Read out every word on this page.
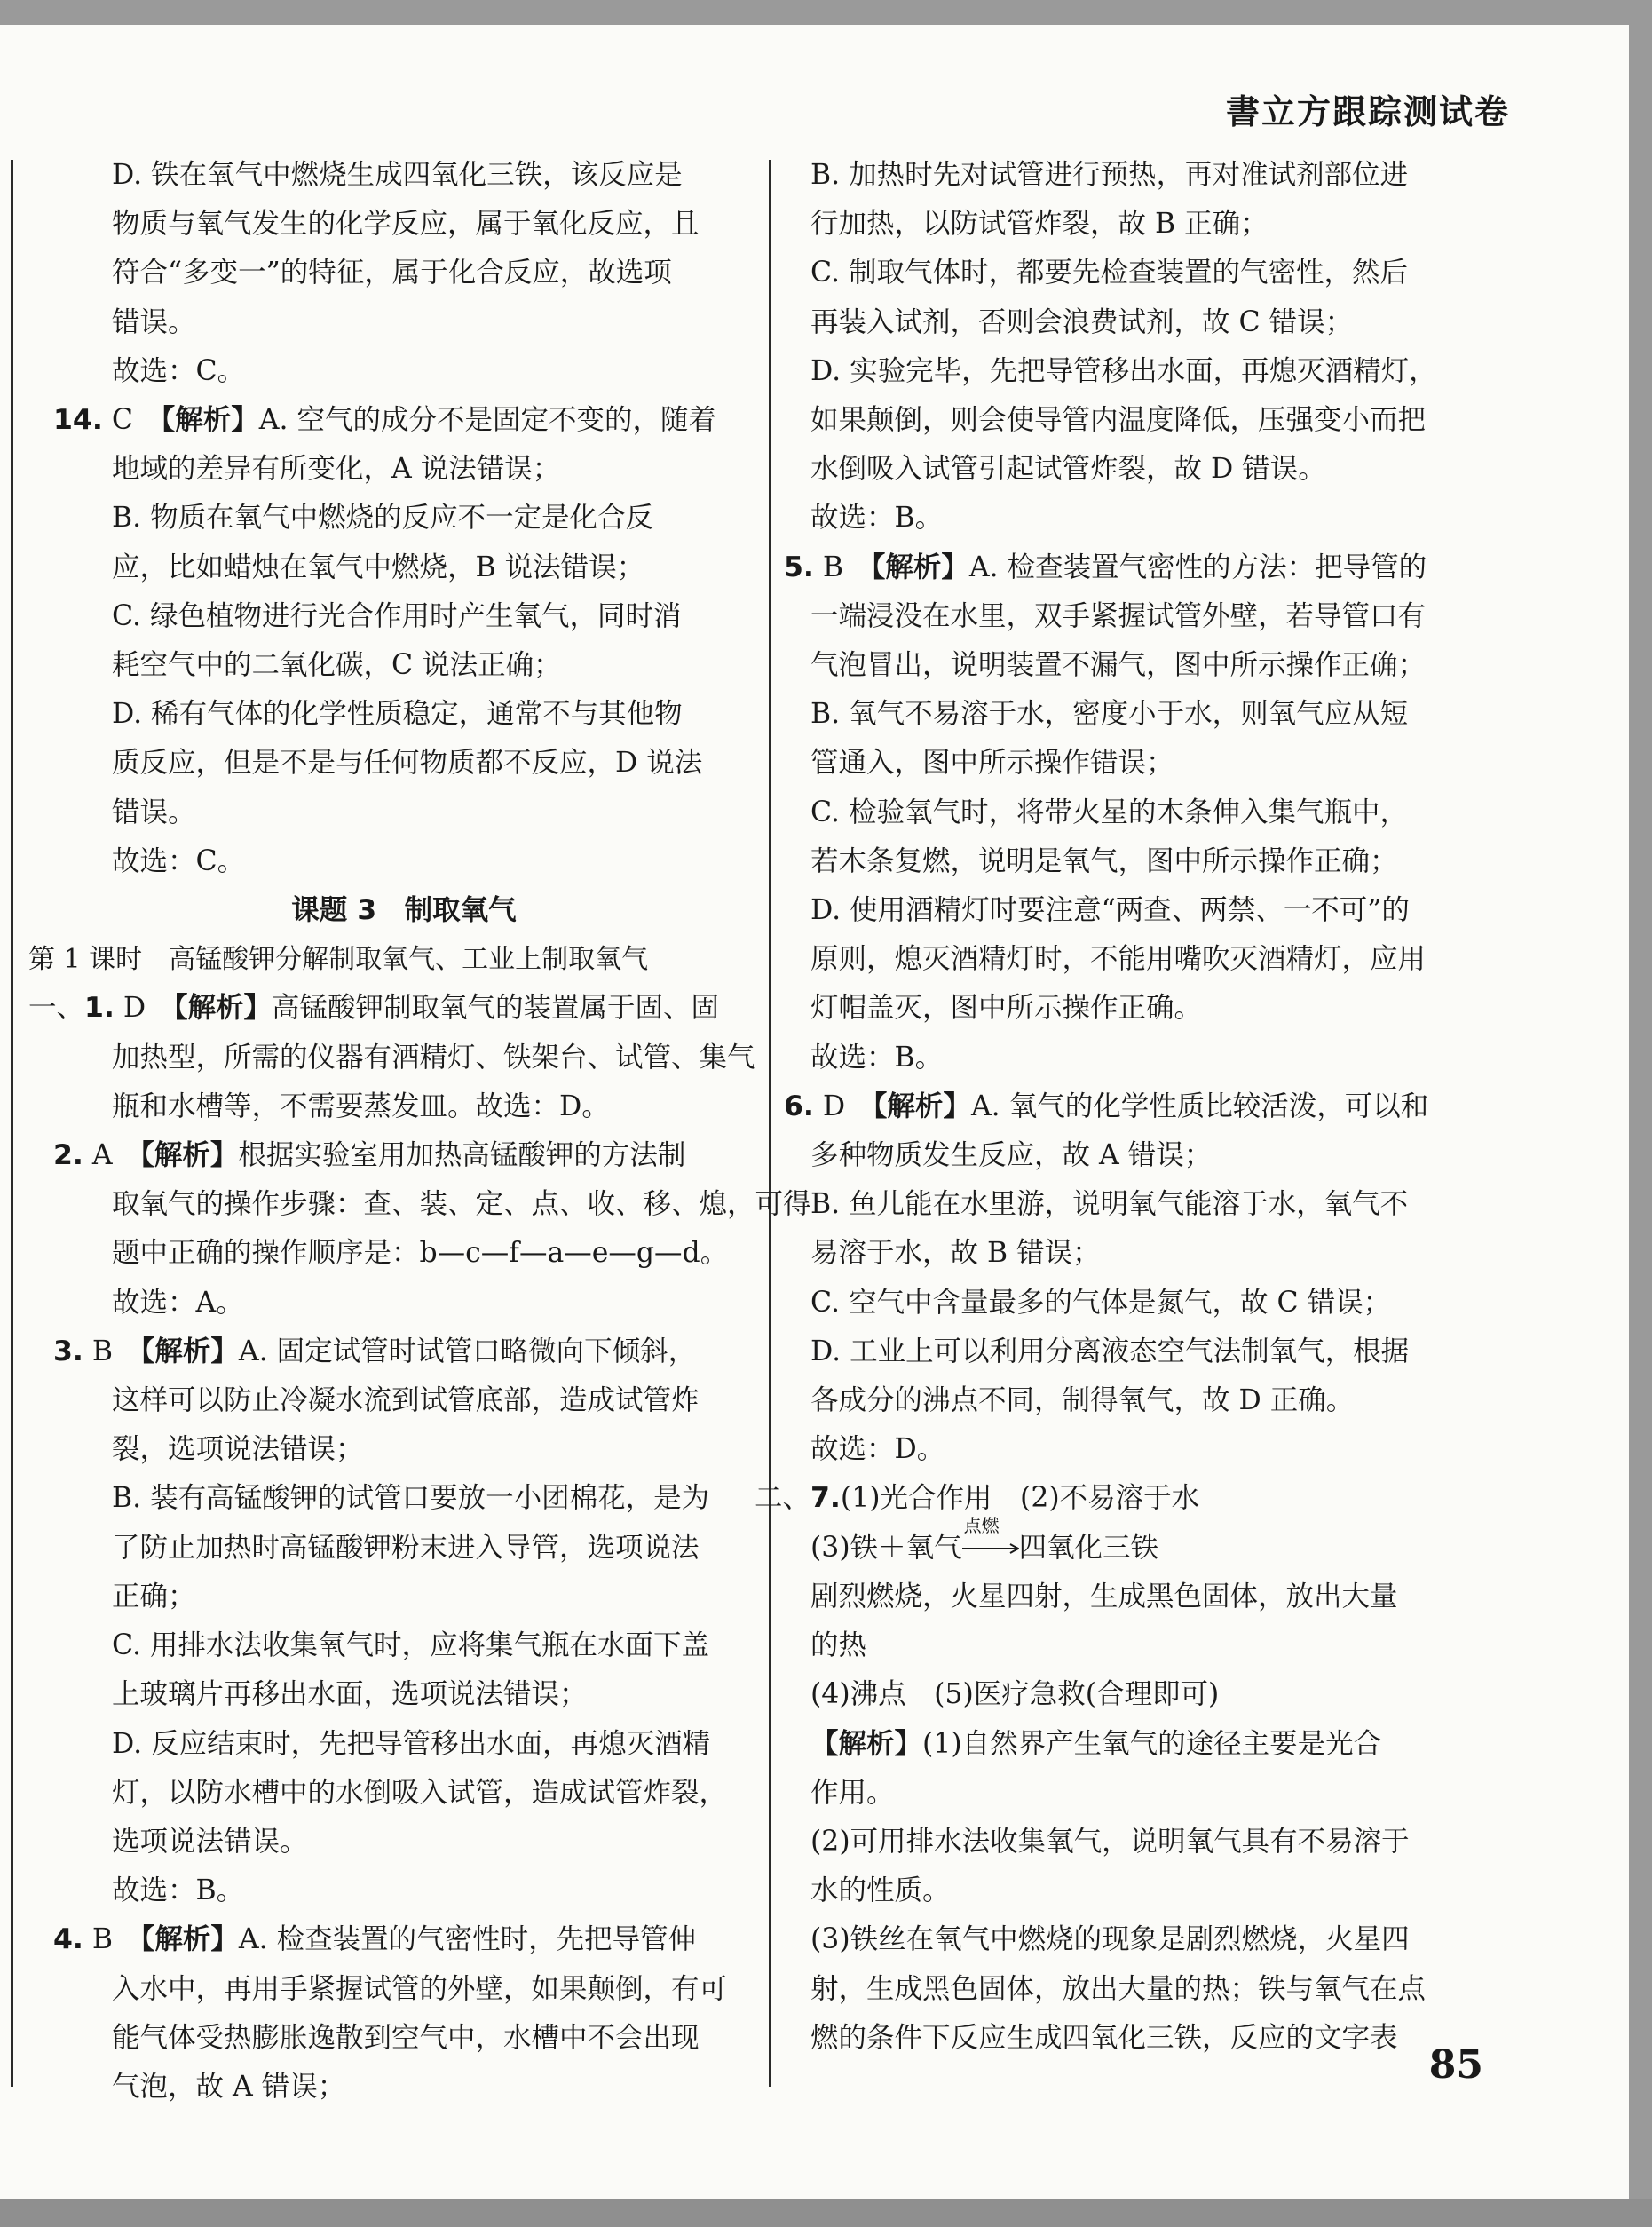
書立方跟踪测试卷
D. 铁在氧气中燃烧生成四氧化三铁，该反应是
物质与氧气发生的化学反应，属于氧化反应，且
符合“多变一”的特征，属于化合反应，故选项
错误。
故选：C。
14. C　【解析】A. 空气的成分不是固定不变的，随着
地域的差异有所变化，A 说法错误；
B. 物质在氧气中燃烧的反应不一定是化合反
应，比如蜡烛在氧气中燃烧，B 说法错误；
C. 绿色植物进行光合作用时产生氧气，同时消
耗空气中的二氧化碳，C 说法正确；
D. 稀有气体的化学性质稳定，通常不与其他物
质反应，但是不是与任何物质都不反应，D 说法
错误。
故选：C。
课题 3　制取氧气
第 1 课时　高锰酸钾分解制取氧气、工业上制取氧气
一、1. D　【解析】高锰酸钾制取氧气的装置属于固、固
加热型，所需的仪器有酒精灯、铁架台、试管、集气
瓶和水槽等，不需要蒸发皿。故选：D。
2. A　【解析】根据实验室用加热高锰酸钾的方法制
取氧气的操作步骤：查、装、定、点、收、移、熄，可得
题中正确的操作顺序是：b—c—f—a—e—g—d。
故选：A。
3. B　【解析】A. 固定试管时试管口略微向下倾斜，
这样可以防止冷凝水流到试管底部，造成试管炸
裂，选项说法错误；
B. 装有高锰酸钾的试管口要放一小团棉花，是为
了防止加热时高锰酸钾粉末进入导管，选项说法
正确；
C. 用排水法收集氧气时，应将集气瓶在水面下盖
上玻璃片再移出水面，选项说法错误；
D. 反应结束时，先把导管移出水面，再熄灭酒精
灯，以防水槽中的水倒吸入试管，造成试管炸裂，
选项说法错误。
故选：B。
4. B　【解析】A. 检查装置的气密性时，先把导管伸
入水中，再用手紧握试管的外壁，如果颠倒，有可
能气体受热膨胀逸散到空气中，水槽中不会出现
气泡，故 A 错误；
B. 加热时先对试管进行预热，再对准试剂部位进
行加热，以防试管炸裂，故 B 正确；
C. 制取气体时，都要先检查装置的气密性，然后
再装入试剂，否则会浪费试剂，故 C 错误；
D. 实验完毕，先把导管移出水面，再熄灭酒精灯，
如果颠倒，则会使导管内温度降低，压强变小而把
水倒吸入试管引起试管炸裂，故 D 错误。
故选：B。
5. B　【解析】A. 检查装置气密性的方法：把导管的
一端浸没在水里，双手紧握试管外壁，若导管口有
气泡冒出，说明装置不漏气，图中所示操作正确；
B. 氧气不易溶于水，密度小于水，则氧气应从短
管通入，图中所示操作错误；
C. 检验氧气时，将带火星的木条伸入集气瓶中，
若木条复燃，说明是氧气，图中所示操作正确；
D. 使用酒精灯时要注意“两查、两禁、一不可”的
原则，熄灭酒精灯时，不能用嘴吹灭酒精灯，应用
灯帽盖灭，图中所示操作正确。
故选：B。
6. D　【解析】A. 氧气的化学性质比较活泼，可以和
多种物质发生反应，故 A 错误；
B. 鱼儿能在水里游，说明氧气能溶于水，氧气不
易溶于水，故 B 错误；
C. 空气中含量最多的气体是氮气，故 C 错误；
D. 工业上可以利用分离液态空气法制氧气，根据
各成分的沸点不同，制得氧气，故 D 正确。
故选：D。
二、7.(1)光合作用　(2)不易溶于水
(3)铁＋氧气
点燃
四氧化三铁
剧烈燃烧，火星四射，生成黑色固体，放出大量
的热
(4)沸点　(5)医疗急救(合理即可)
【解析】(1)自然界产生氧气的途径主要是光合
作用。
(2)可用排水法收集氧气，说明氧气具有不易溶于
水的性质。
(3)铁丝在氧气中燃烧的现象是剧烈燃烧，火星四
射，生成黑色固体，放出大量的热；铁与氧气在点
燃的条件下反应生成四氧化三铁，反应的文字表
85
